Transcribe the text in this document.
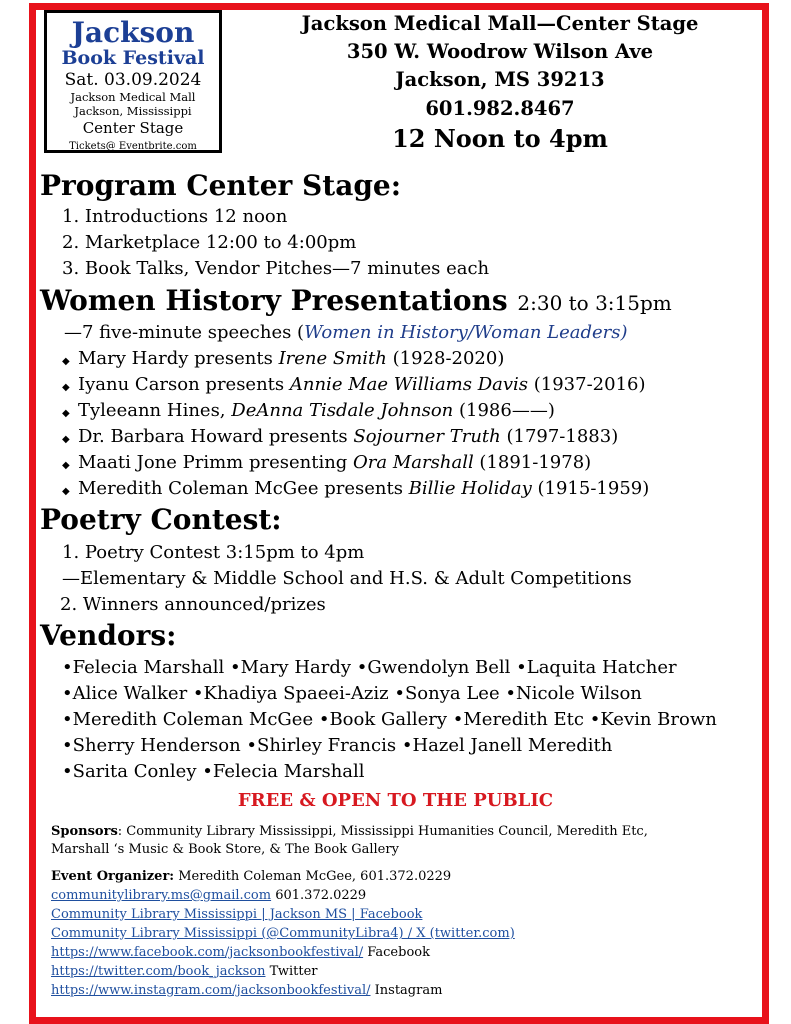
Jackson
Book Festival
Sat. 03.09.2024
Jackson Medical Mall
Jackson, Mississippi
Center Stage
Tickets@ Eventbrite.com
Jackson Medical Mall—Center Stage
350 W. Woodrow Wilson Ave
Jackson, MS 39213
601.982.8467
12 Noon to 4pm
Program Center Stage:
1. Introductions 12 noon
2. Marketplace 12:00 to 4:00pm
3. Book Talks, Vendor Pitches—7 minutes each
Women History Presentations 2:30 to 3:15pm
—7 five-minute speeches (Women in History/Woman Leaders)
◆ Mary Hardy presents Irene Smith (1928-2020)
◆ Iyanu Carson presents Annie Mae Williams Davis (1937-2016)
◆ Tyleeann Hines, DeAnna Tisdale Johnson (1986——)
◆ Dr. Barbara Howard presents Sojourner Truth (1797-1883)
◆ Maati Jone Primm presenting Ora Marshall (1891-1978)
◆ Meredith Coleman McGee presents Billie Holiday (1915-1959)
Poetry Contest:
1. Poetry Contest 3:15pm to 4pm
—Elementary & Middle School and H.S. & Adult Competitions
2. Winners announced/prizes
Vendors:
•Felecia Marshall •Mary Hardy •Gwendolyn Bell •Laquita Hatcher
•Alice Walker •Khadiya Spaeei-Aziz •Sonya Lee •Nicole Wilson
•Meredith Coleman McGee •Book Gallery •Meredith Etc •Kevin Brown
•Sherry Henderson •Shirley Francis •Hazel Janell Meredith
•Sarita Conley •Felecia Marshall
FREE & OPEN TO THE PUBLIC
Sponsors: Community Library Mississippi, Mississippi Humanities Council, Meredith Etc,
Marshall ‘s Music & Book Store, & The Book Gallery
Event Organizer: Meredith Coleman McGee, 601.372.0229
communitylibrary.ms@gmail.com 601.372.0229
Community Library Mississippi | Jackson MS | Facebook
Community Library Mississippi (@CommunityLibra4) / X (twitter.com)
https://www.facebook.com/jacksonbookfestival/ Facebook
https://twitter.com/book_jackson Twitter
https://www.instagram.com/jacksonbookfestival/ Instagram
